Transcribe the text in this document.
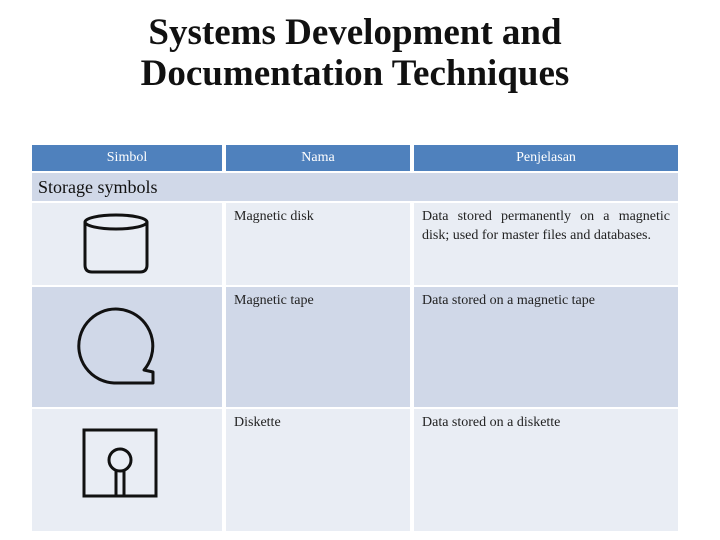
Systems Development and
Documentation Techniques
Simbol	Nama	Penjelasan
Storage symbols
Magnetic disk	Data stored permanently on a magnetic disk; used for master files and databases.
Magnetic tape	Data stored on a magnetic tape
Diskette	Data stored on a diskette
